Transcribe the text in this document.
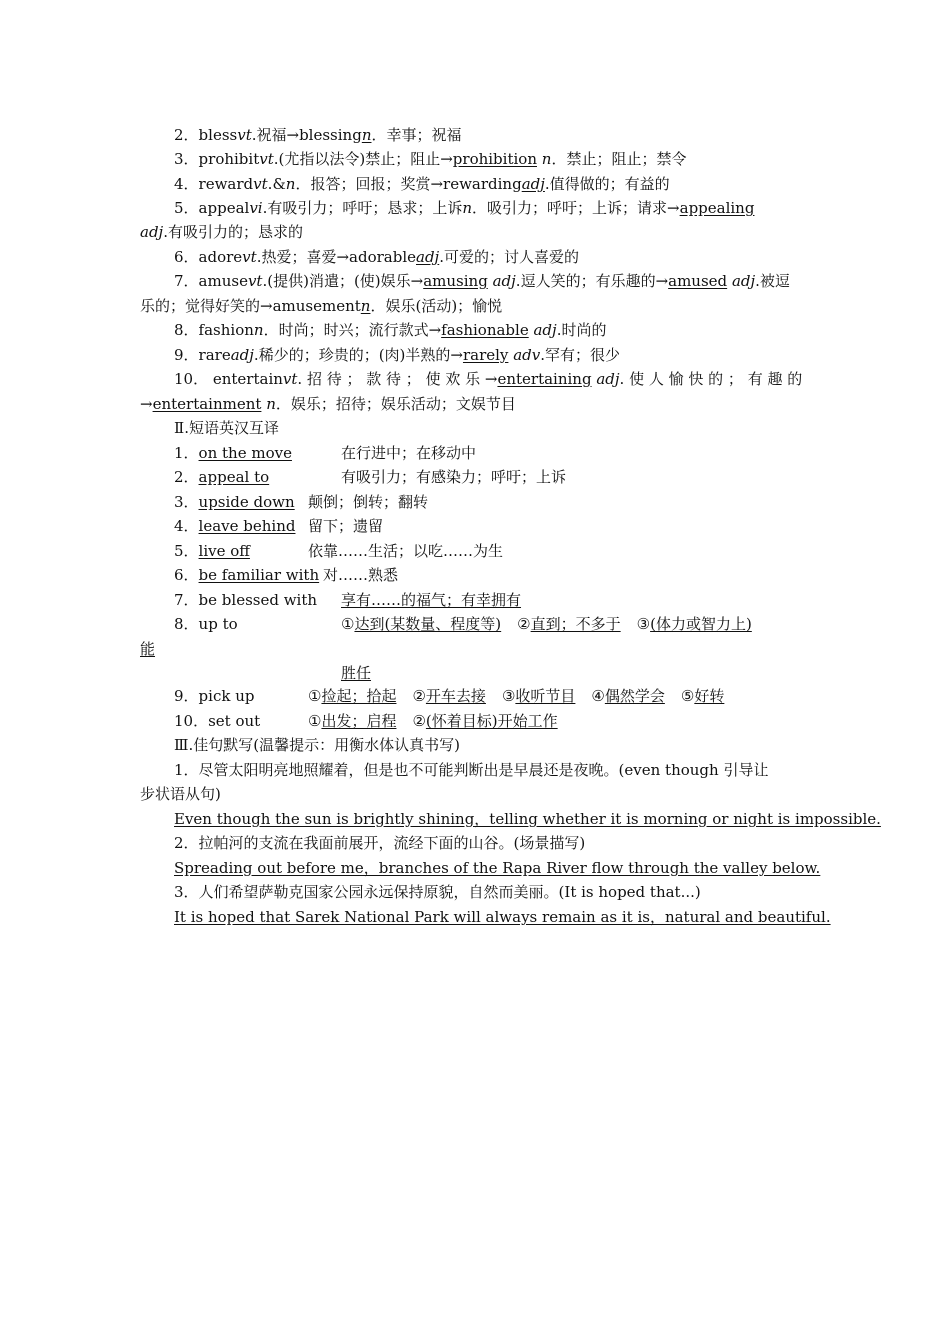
2．blessvt.祝福→blessingn．幸事；祝福
3．prohibitvt.(尤指以法令)禁止；阻止→prohibition n．禁止；阻止；禁令
4．rewardvt.&n．报答；回报；奖赏→rewardingadj.值得做的；有益的
5．appealvi.有吸引力；呼吁；恳求；上诉n．吸引力；呼吁；上诉；请求→appealing
adj.有吸引力的；恳求的
6．adorevt.热爱；喜爱→adorableadj.可爱的；讨人喜爱的
7．amusevt.(提供)消遣；(使)娱乐→amusing adj.逗人笑的；有乐趣的→amused adj.被逗
乐的；觉得好笑的→amusementn．娱乐(活动)；愉悦
8．fashionn．时尚；时兴；流行款式→fashionable adj.时尚的
9．rareadj.稀少的；珍贵的；(肉)半熟的→rarely adv.罕有；很少
10． entertainvt. 招 待 ； 款 待 ； 使 欢 乐 →entertaining adj. 使 人 愉 快 的 ； 有 趣 的
→entertainment n．娱乐；招待；娱乐活动；文娱节目
Ⅱ.短语英汉互译
1．on the move	在行进中；在移动中
2．appeal to	有吸引力；有感染力；呼吁；上诉
3．upside down 颠倒；倒转；翻转
4．leave behind 留下；遗留
5．live off	依靠……生活；以吃……为生
6．be familiar with 对……熟悉
7．be blessed with 享有……的福气；有幸拥有
8．up to	①达到(某数量、程度等) ②直到；不多于 ③(体力或智力上)
能
胜任
9．pick up	①捡起；拾起 ②开车去接 ③收听节目 ④偶然学会 ⑤好转
10．set out	①出发；启程 ②(怀着目标)开始工作
Ⅲ.佳句默写(温馨提示：用衡水体认真书写)
1．尽管太阳明亮地照耀着，但是也不可能判断出是早晨还是夜晚。(even though 引导让
步状语从句)
Even though the sun is brightly shining，telling whether it is morning or night is impossible.
2．拉帕河的支流在我面前展开，流经下面的山谷。(场景描写)
Spreading out before me，branches of the Rapa River flow through the valley below.
3．人们希望萨勒克国家公园永远保持原貌，自然而美丽。(It is hoped that...)
It is hoped that Sarek National Park will always remain as it is，natural and beautiful.
